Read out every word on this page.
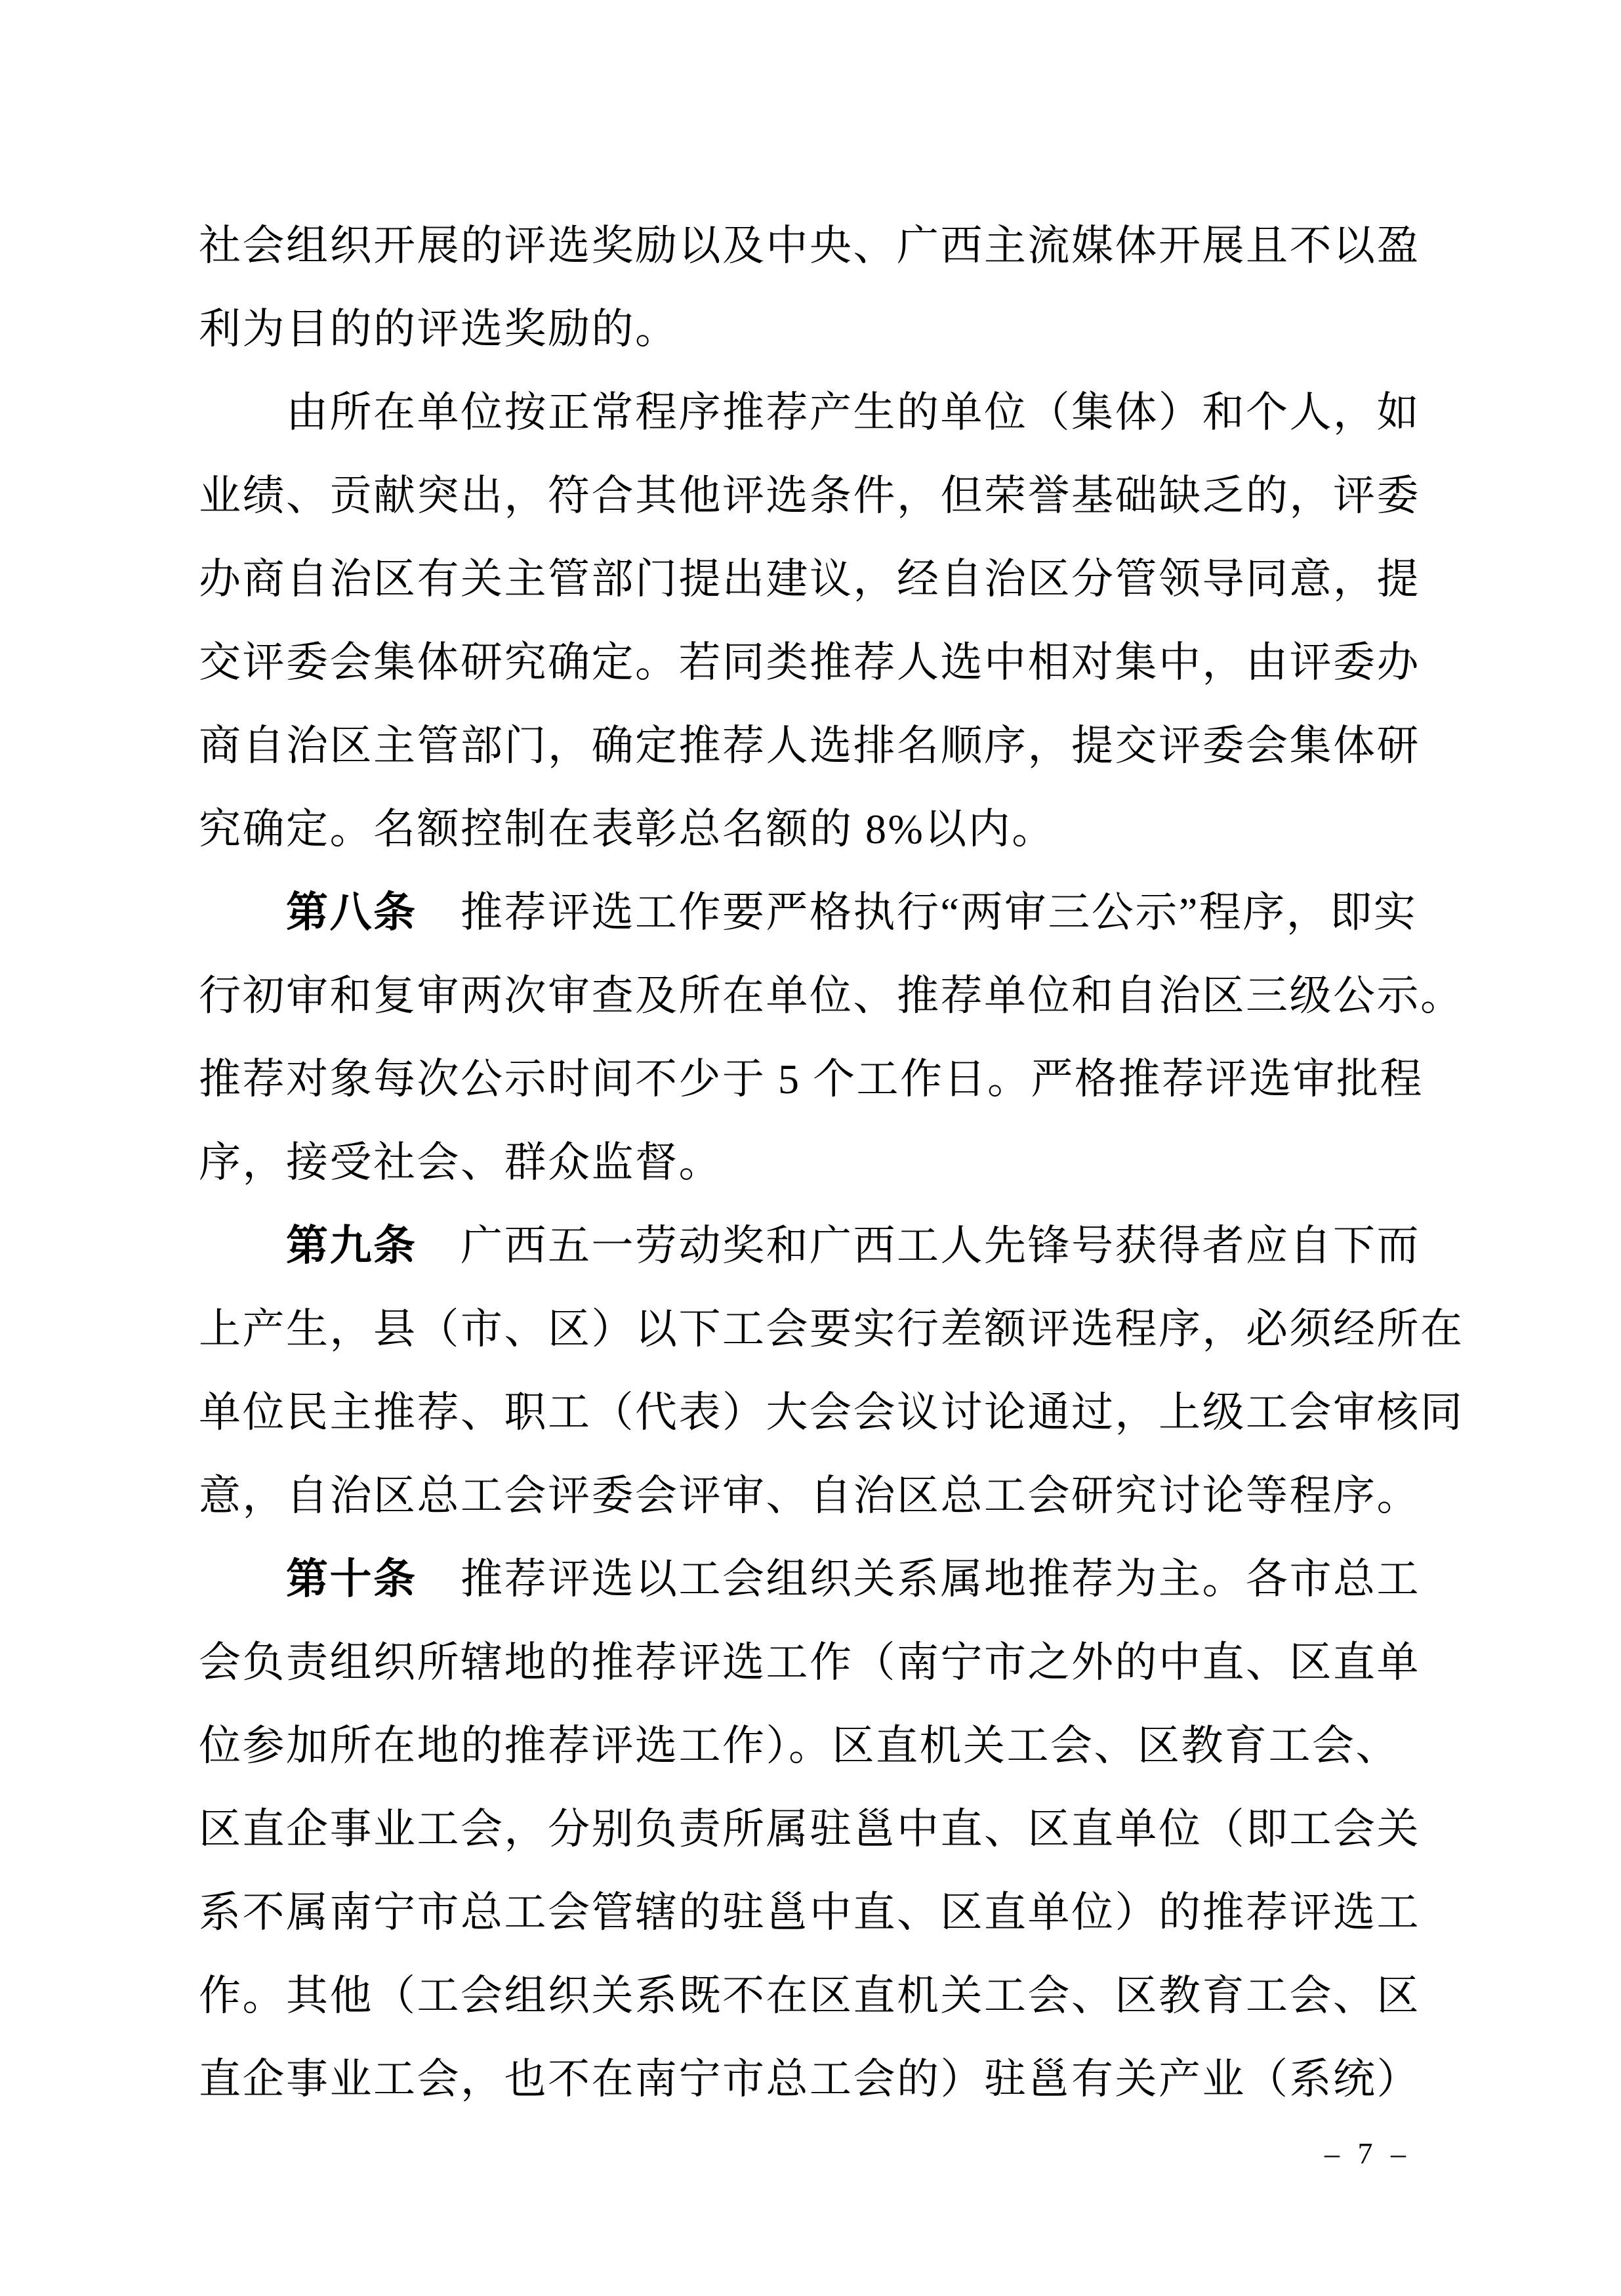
社会组织开展的评选奖励以及中央、广西主流媒体开展且不以盈
利为目的的评选奖励的。
　　由所在单位按正常程序推荐产生的单位（集体）和个人，如
业绩、贡献突出，符合其他评选条件，但荣誉基础缺乏的，评委
办商自治区有关主管部门提出建议，经自治区分管领导同意，提
交评委会集体研究确定。若同类推荐人选中相对集中，由评委办
商自治区主管部门，确定推荐人选排名顺序，提交评委会集体研
究确定。名额控制在表彰总名额的 8%以内。
　　第八条　推荐评选工作要严格执行“两审三公示”程序，即实
行初审和复审两次审查及所在单位、推荐单位和自治区三级公示。
推荐对象每次公示时间不少于 5 个工作日。严格推荐评选审批程
序，接受社会、群众监督。
　　第九条　广西五一劳动奖和广西工人先锋号获得者应自下而
上产生，县（市、区）以下工会要实行差额评选程序，必须经所在
单位民主推荐、职工（代表）大会会议讨论通过，上级工会审核同
意，自治区总工会评委会评审、自治区总工会研究讨论等程序。
　　第十条　推荐评选以工会组织关系属地推荐为主。各市总工
会负责组织所辖地的推荐评选工作（南宁市之外的中直、区直单
位参加所在地的推荐评选工作）。区直机关工会、区教育工会、
区直企事业工会，分别负责所属驻邕中直、区直单位（即工会关
系不属南宁市总工会管辖的驻邕中直、区直单位）的推荐评选工
作。其他（工会组织关系既不在区直机关工会、区教育工会、区
直企事业工会，也不在南宁市总工会的）驻邕有关产业（系统）
– 7 –
